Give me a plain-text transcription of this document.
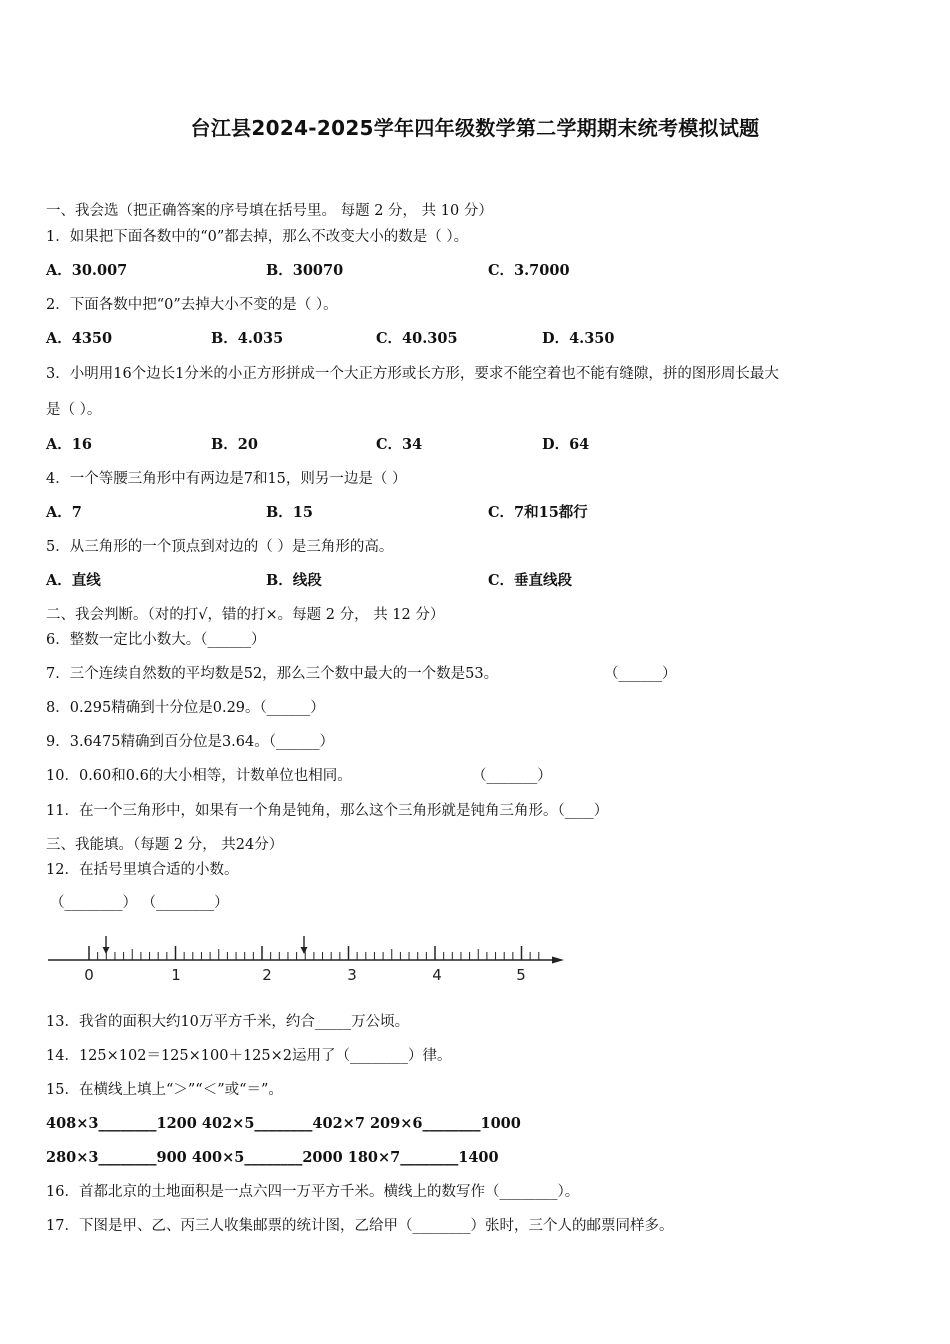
台江县2024-2025学年四年级数学第二学期期末统考模拟试题
一、我会选（把正确答案的序号填在括号里。 每题 2 分， 共 10 分）
1．如果把下面各数中的“0”都去掉，那么不改变大小的数是（ ）。
A．30.007	B．30070	C．3.7000
2．下面各数中把“0”去掉大小不变的是（ ）。
A．4350	B．4.035	C．40.305	D．4.350
3．小明用16个边长1分米的小正方形拼成一个大正方形或长方形，要求不能空着也不能有缝隙，拼的图形周长最大
是（ ）。
A．16	B．20	C．34	D．64
4．一个等腰三角形中有两边是7和15，则另一边是（ ）
A．7	B．15	C．7和15都行
5．从三角形的一个顶点到对边的（ ）是三角形的高。
A．直线	B．线段	C．垂直线段
二、我会判断。（对的打√，错的打×。每题 2 分， 共 12 分）
6．整数一定比小数大。（______）
7．三个连续自然数的平均数是52，那么三个数中最大的一个数是53。	（______）
8．0.295精确到十分位是0.29。（______）
9．3.6475精确到百分位是3.64。（______）
10．0.60和0.6的大小相等，计数单位也相同。	（_______）
11．在一个三角形中，如果有一个角是钝角，那么这个三角形就是钝角三角形。（____）
三、我能填。（每题 2 分， 共24分）
12．在括号里填合适的小数。
（________） （________）
0	1	2	3	4	5
13．我省的面积大约10万平方千米，约合_____万公顷。
14．125×102＝125×100＋125×2运用了（________）律。
15．在横线上填上“＞”“＜”或“＝”。
408×3________1200 402×5________402×7 209×6________1000
280×3________900 400×5________2000 180×7________1400
16．首都北京的土地面积是一点六四一万平方千米。横线上的数写作（________）。
17．下图是甲、乙、丙三人收集邮票的统计图，乙给甲（________）张时，三个人的邮票同样多。
